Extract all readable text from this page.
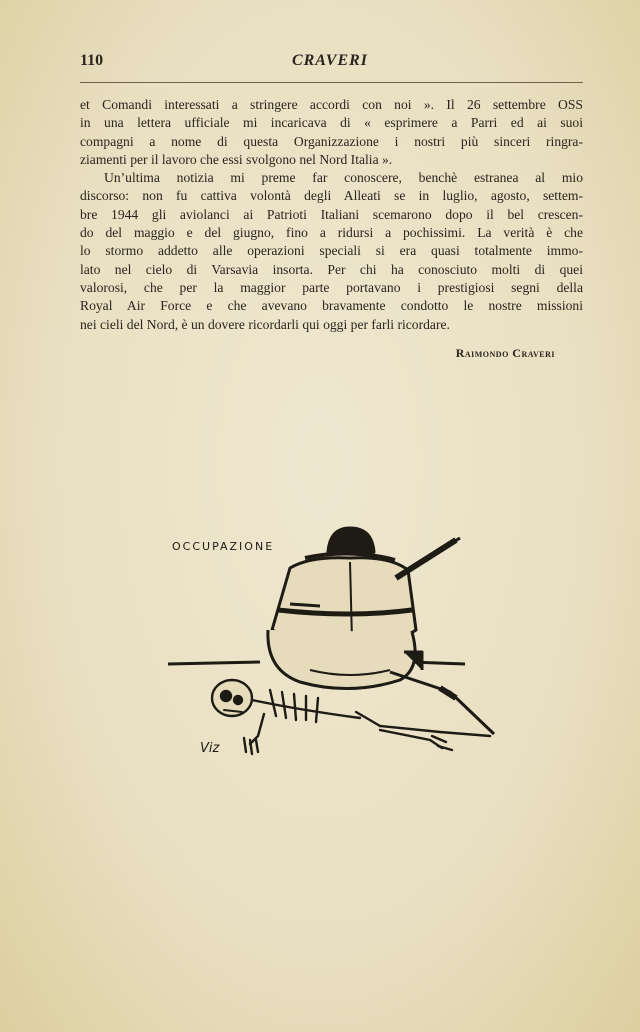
110	CRAVERI

et Comandi interessati a stringere accordi con noi ». Il 26 settembre OSS
in una lettera ufficiale mi incaricava di « esprimere a Parri ed ai suoi
compagni a nome di questa Organizzazione i nostri più sinceri ringra-
ziamenti per il lavoro che essi svolgono nel Nord Italia ».

Un’ultima notizia mi preme far conoscere, benchè estranea al mio
discorso: non fu cattiva volontà degli Alleati se in luglio, agosto, settem-
bre 1944 gli aviolanci ai Patrioti Italiani scemarono dopo il bel crescen-
do del maggio e del giugno, fino a ridursi a pochissimi. La verità è che
lo stormo addetto alle operazioni speciali si era quasi totalmente immo-
lato nel cielo di Varsavia insorta. Per chi ha conosciuto molti di quei
valorosi, che per la maggior parte portavano i prestigiosi segni della
Royal Air Force e che avevano bravamente condotto le nostre missioni
nei cieli del Nord, è un dovere ricordarli qui oggi per farli ricordare.

Raimondo Craveri
OCCUPAZIONE
Viz
